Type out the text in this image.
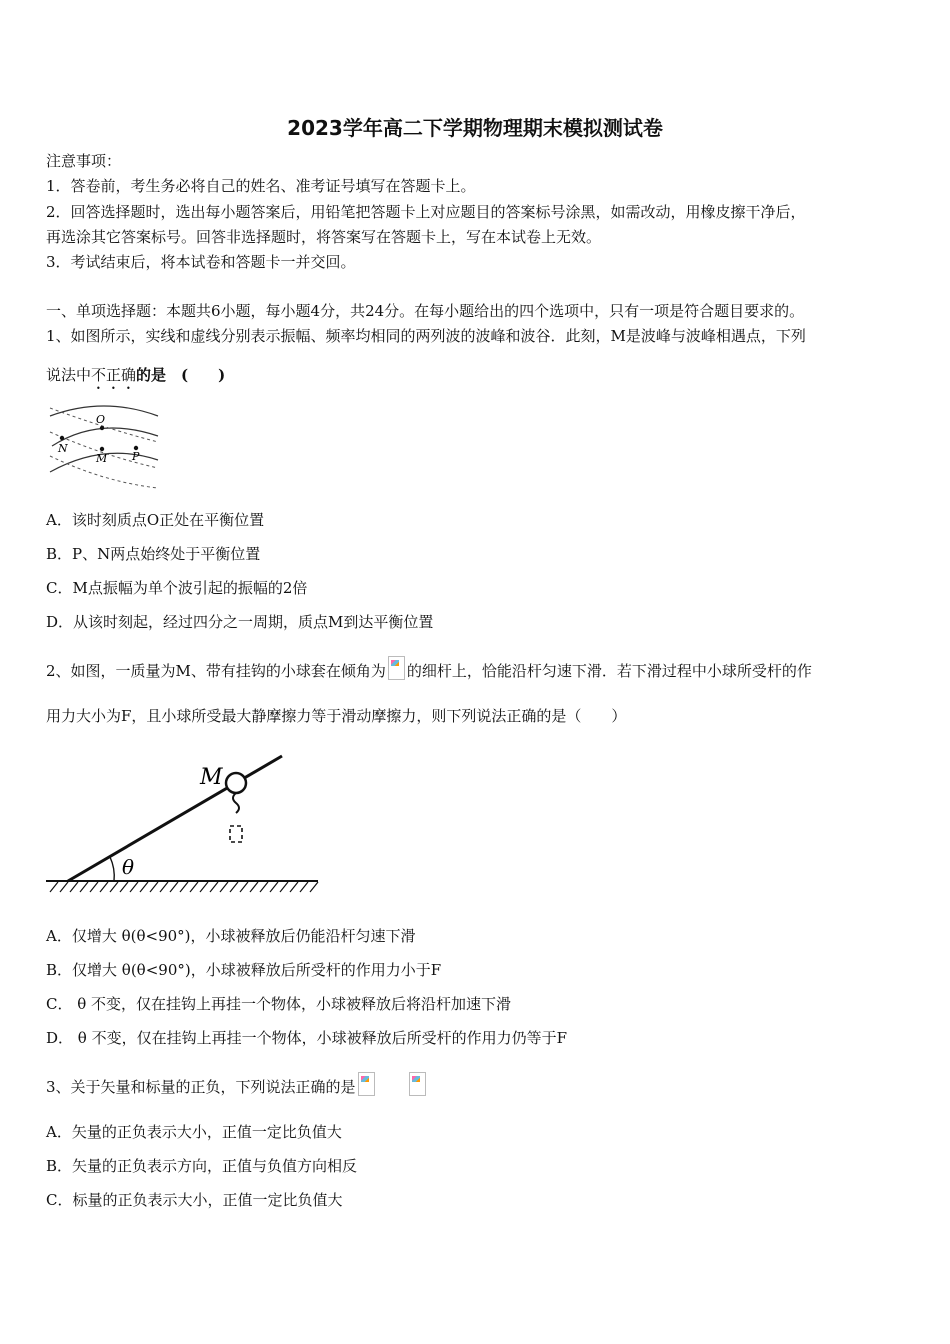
2023学年高二下学期物理期末模拟测试卷
注意事项：
1．答卷前，考生务必将自己的姓名、准考证号填写在答题卡上。
2．回答选择题时，选出每小题答案后，用铅笔把答题卡上对应题目的答案标号涂黑，如需改动，用橡皮擦干净后，
再选涂其它答案标号。回答非选择题时，将答案写在答题卡上，写在本试卷上无效。
3．考试结束后，将本试卷和答题卡一并交回。
一、单项选择题：本题共6小题，每小题4分，共24分。在每小题给出的四个选项中，只有一项是符合题目要求的。
1、如图所示，实线和虚线分别表示振幅、频率均相同的两列波的波峰和波谷．此刻，M是波峰与波峰相遇点，下列
说法中不正确的是　(　　)
O
N
M P
A．该时刻质点O正处在平衡位置
B．P、N两点始终处于平衡位置
C．M点振幅为单个波引起的振幅的2倍
D．从该时刻起，经过四分之一周期，质点M到达平衡位置
2、如图，一质量为M、带有挂钩的小球套在倾角为 的细杆上，恰能沿杆匀速下滑．若下滑过程中小球所受杆的作
用力大小为F，且小球所受最大静摩擦力等于滑动摩擦力，则下列说法正确的是（　　）
M
θ
A．仅增大 θ(θ<90°)，小球被释放后仍能沿杆匀速下滑
B．仅增大 θ(θ<90°)，小球被释放后所受杆的作用力小于F
C． θ 不变，仅在挂钩上再挂一个物体，小球被释放后将沿杆加速下滑
D． θ 不变，仅在挂钩上再挂一个物体，小球被释放后所受杆的作用力仍等于F
3、关于矢量和标量的正负，下列说法正确的是
A．矢量的正负表示大小，正值一定比负值大
B．矢量的正负表示方向，正值与负值方向相反
C．标量的正负表示大小，正值一定比负值大
